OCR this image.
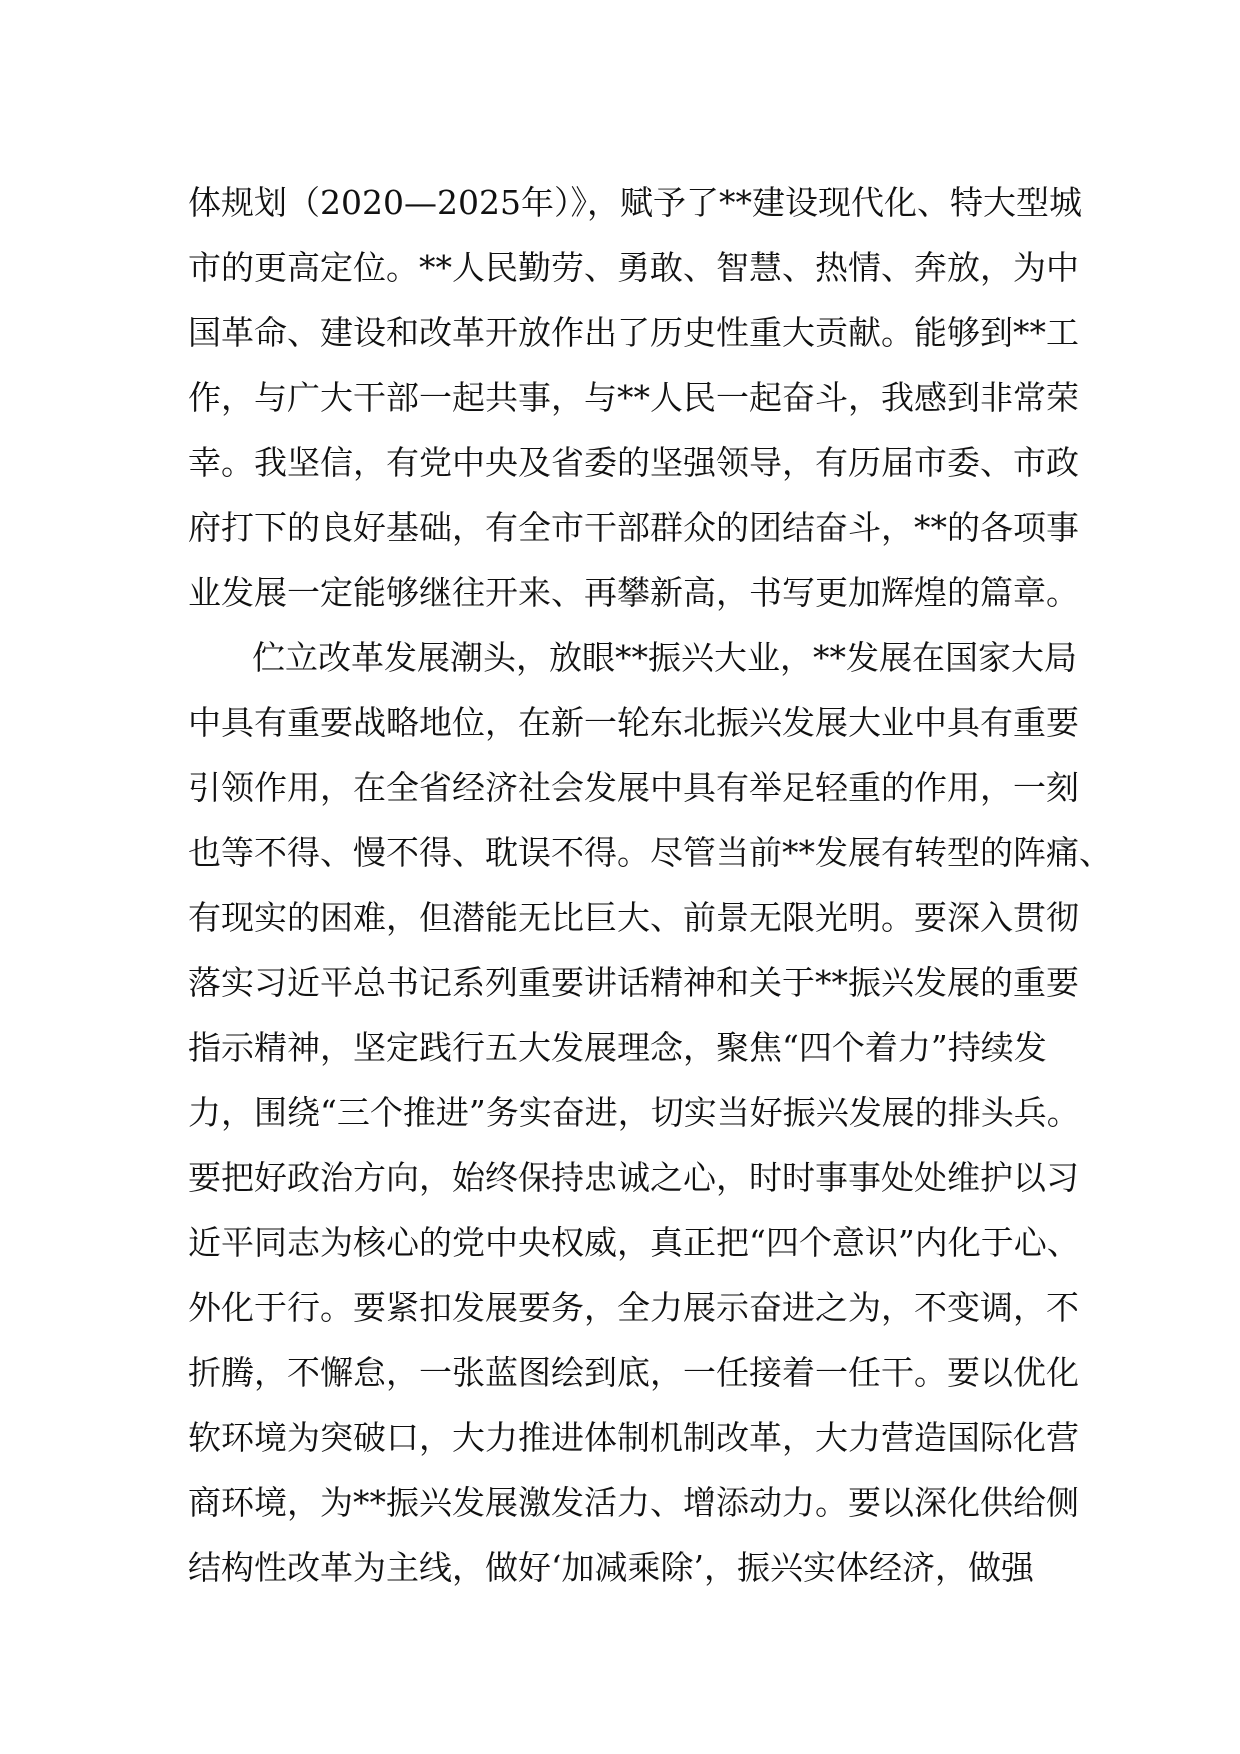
体规划（2020—2025年）》，赋予了**建设现代化、特大型城
市的更高定位。**人民勤劳、勇敢、智慧、热情、奔放，为中
国革命、建设和改革开放作出了历史性重大贡献。能够到**工
作，与广大干部一起共事，与**人民一起奋斗，我感到非常荣
幸。我坚信，有党中央及省委的坚强领导，有历届市委、市政
府打下的良好基础，有全市干部群众的团结奋斗，**的各项事
业发展一定能够继往开来、再攀新高，书写更加辉煌的篇章。
伫立改革发展潮头，放眼**振兴大业，**发展在国家大局
中具有重要战略地位，在新一轮东北振兴发展大业中具有重要
引领作用，在全省经济社会发展中具有举足轻重的作用，一刻
也等不得、慢不得、耽误不得。尽管当前**发展有转型的阵痛、
有现实的困难，但潜能无比巨大、前景无限光明。要深入贯彻
落实习近平总书记系列重要讲话精神和关于**振兴发展的重要
指示精神，坚定践行五大发展理念，聚焦“四个着力”持续发
力，围绕“三个推进”务实奋进，切实当好振兴发展的排头兵。
要把好政治方向，始终保持忠诚之心，时时事事处处维护以习
近平同志为核心的党中央权威，真正把“四个意识”内化于心、
外化于行。要紧扣发展要务，全力展示奋进之为，不变调，不
折腾，不懈怠，一张蓝图绘到底，一任接着一任干。要以优化
软环境为突破口，大力推进体制机制改革，大力营造国际化营
商环境，为**振兴发展激发活力、增添动力。要以深化供给侧
结构性改革为主线，做好‘加减乘除’，振兴实体经济，做强
